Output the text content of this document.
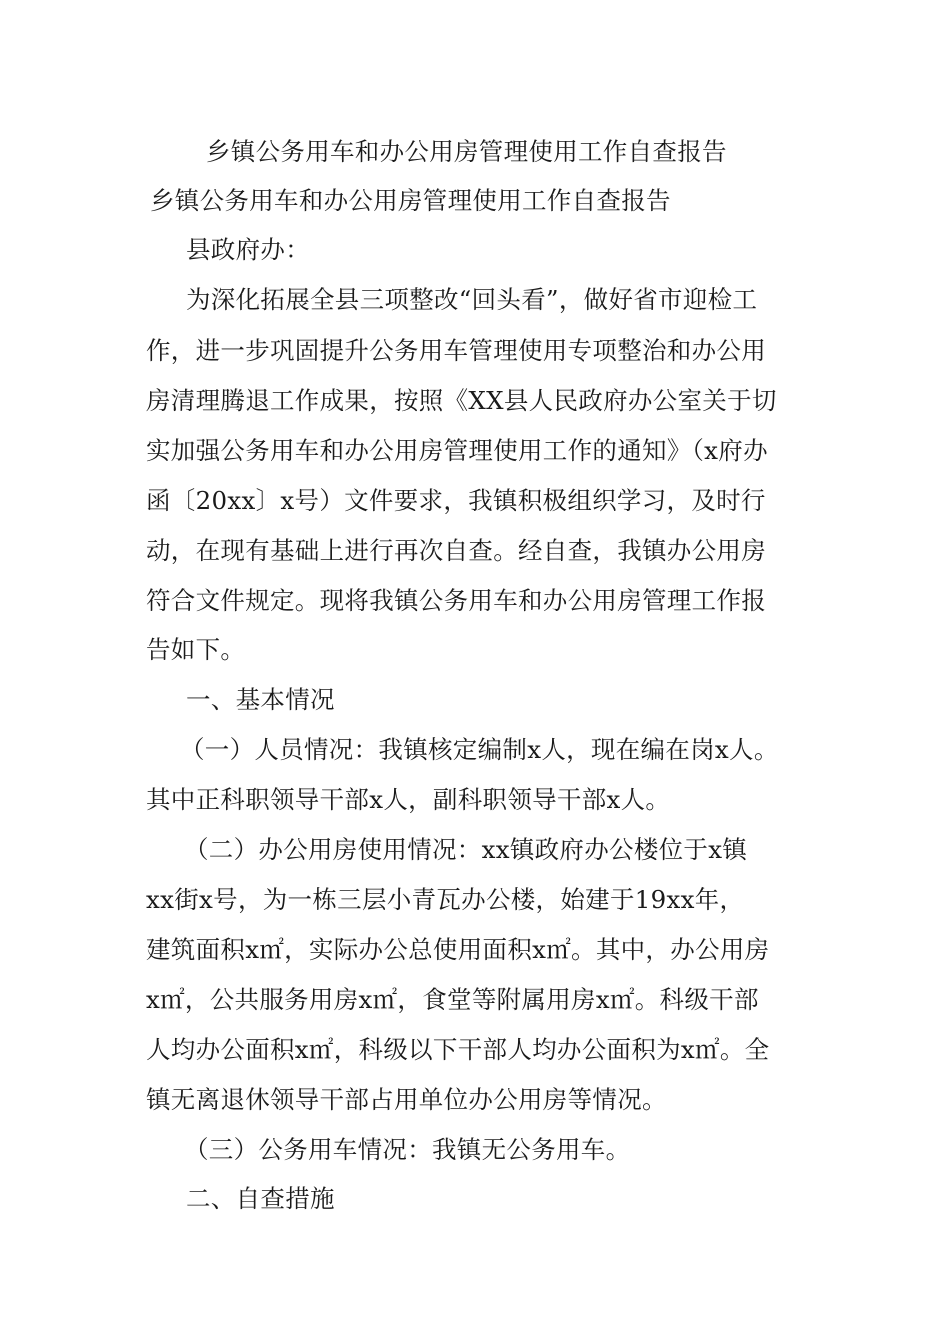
乡镇公务用车和办公用房管理使用工作自查报告
乡镇公务用车和办公用房管理使用工作自查报告
县政府办：
为深化拓展全县三项整改“回头看”，做好省市迎检工
作，进一步巩固提升公务用车管理使用专项整治和办公用
房清理腾退工作成果，按照《XX县人民政府办公室关于切
实加强公务用车和办公用房管理使用工作的通知》（x府办
函〔20xx〕x号）文件要求，我镇积极组织学习，及时行
动，在现有基础上进行再次自查。经自查，我镇办公用房
符合文件规定。现将我镇公务用车和办公用房管理工作报
告如下。
一、基本情况
（一）人员情况：我镇核定编制x人，现在编在岗x人。
其中正科职领导干部x人，副科职领导干部x人。
（二）办公用房使用情况：xx镇政府办公楼位于x镇
xx街x号，为一栋三层小青瓦办公楼，始建于19xx年，
建筑面积x㎡，实际办公总使用面积x㎡。其中，办公用房
x㎡，公共服务用房x㎡，食堂等附属用房x㎡。科级干部
人均办公面积x㎡，科级以下干部人均办公面积为x㎡。全
镇无离退休领导干部占用单位办公用房等情况。
（三）公务用车情况：我镇无公务用车。
二、自查措施
